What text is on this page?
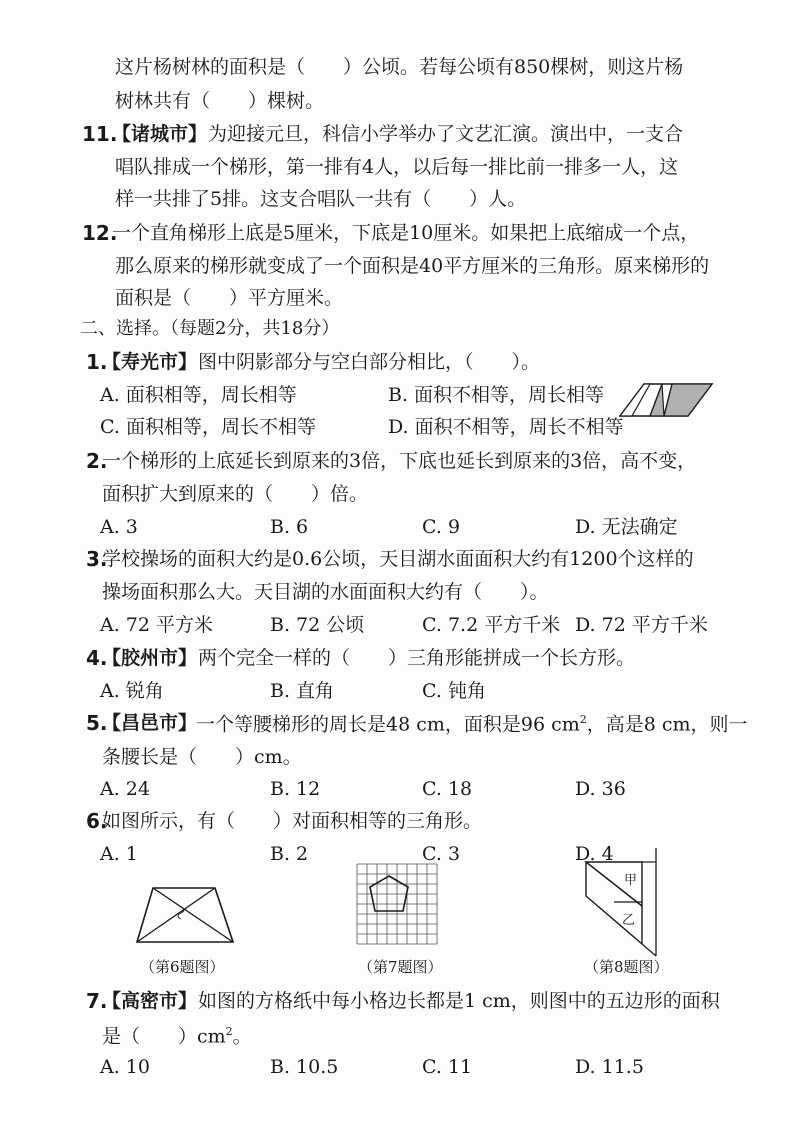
这片杨树林的面积是（　　）公顷。若每公顷有850棵树，则这片杨
树林共有（　　）棵树。
11.
【诸城市】 为迎接元旦，科信小学举办了文艺汇演。演出中，一支合
唱队排成一个梯形，第一排有4人，以后每一排比前一排多一人，这
样一共排了5排。这支合唱队一共有（　　）人。
12.
一个直角梯形上底是5厘米，下底是10厘米。如果把上底缩成一个点，
那么原来的梯形就变成了一个面积是40平方厘米的三角形。原来梯形的
面积是（　　）平方厘米。
二、选择。（每题2分，共18分）
1.
【寿光市】 图中阴影部分与空白部分相比，（　　）。
A. 面积相等，周长相等	B. 面积不相等，周长相等
C. 面积相等，周长不相等	D. 面积不相等，周长不相等
2.
一个梯形的上底延长到原来的3倍，下底也延长到原来的3倍，高不变，
面积扩大到原来的（　　）倍。
A. 3	B. 6	C. 9	D. 无法确定
3.
学校操场的面积大约是0.6公顷，天目湖水面面积大约有1200个这样的
操场面积那么大。天目湖的水面面积大约有（　　）。
A. 72 平方米	B. 72 公顷	C. 7.2 平方千米 D. 72 平方千米
4.
【胶州市】 两个完全一样的（　　）三角形能拼成一个长方形。
A. 锐角	B. 直角	C. 钝角
5.
【昌邑市】
一个等腰梯形的周长是48 cm，面积是96 $cm^2$，高是8 cm，则一
条腰长是（　　）cm。
A. 24	B. 12	C. 18	D. 36
6.
如图所示，有（　　）对面积相等的三角形。
A. 1	B. 2	C. 3	D. 4
（第6题图）	（第7题图）
甲
乙
（第8题图）
7.
【高密市】 如图的方格纸中每小格边长都是1 cm，则图中的五边形的面积
是（　　）$cm^2$。
A. 10	B. 10.5	C. 11	D. 11.5
